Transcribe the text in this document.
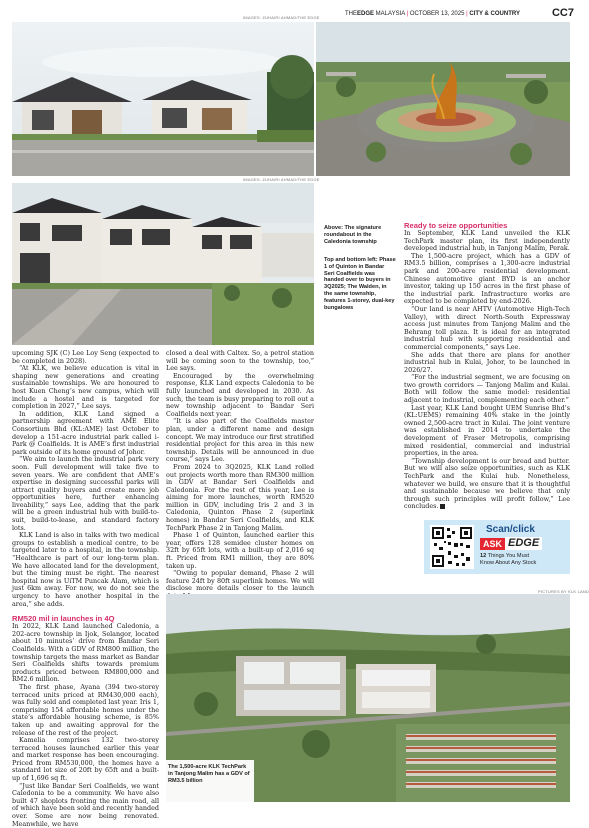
THEEDGE MALAYSIA | OCTOBER 13, 2025 | CITY & COUNTRY	CC7
IMAGES: ZUHAIRI AHMAD/THE EDGE
IMAGES: ZUHAIRI AHMAD/THE EDGE
Above: The signature roundabout in the Caledonia township
Top and bottom left: Phase 1 of Quinton in Bandar Seri Coalfields was handed over to buyers in 3Q2025; The Walden, in the same township, features 1-storey, dual-key bungalows

upcoming SJK (C) Lee Loy Seng (expected to be completed in 2028).

“At KLK, we believe education is vital in shaping new generations and creating sustainable townships. We are honoured to host Kuen Cheng’s new campus, which will include a hostel and is targeted for completion in 2027,” Lee says.

In addition, KLK Land signed a partnership agreement with AME Elite Consortium Bhd (KL:AME) last October to develop a 151-acre industrial park called i-Park @ Coalfields. It is AME’s first industrial park outside of its home ground of Johor.

“We aim to launch the industrial park very soon. Full development will take five to seven years. We are confident that AME’s expertise in designing successful parks will attract quality buyers and create more job opportunities here, further enhancing liveability,” says Lee, adding that the park will be a green industrial hub with build-to-suit, build-to-lease, and standard factory lots.

KLK Land is also in talks with two medical groups to establish a medical centre, to be targeted later to a hospital, in the township. “Healthcare is part of our long-term plan. We have allocated land for the development, but the timing must be right. The nearest hospital now is UiTM Puncak Alam, which is just 6km away. For now, we do not see the urgency to have another hospital in the area,” she adds.

RM520 mil in launches in 4Q

In 2022, KLK Land launched Caledonia, a 202-acre township in Ijok, Selangor, located about 10 minutes’ drive from Bandar Seri Coalfields. With a GDV of RM800 million, the township targets the mass market as Bandar Seri Coalfields shifts towards premium products priced between RM800,000 and RM2.6 million.

The first phase, Ayana (394 two-storey terraced units priced at RM430,000 each), was fully sold and completed last year. Iris 1, comprising 154 affordable homes under the state’s affordable housing scheme, is 85% taken up and awaiting approval for the release of the rest of the project.

Kamelia comprises 132 two-storey terraced houses launched earlier this year and market response has been encouraging. Priced from RM530,000, the homes have a standard lot size of 20ft by 65ft and a built-up of 1,696 sq ft.

“Just like Bandar Seri Coalfields, we want Caledonia to be a community. We have also built 47 shoplots fronting the main road, all of which have been sold and recently handed over. Some are now being renovated. Meanwhile, we have

closed a deal with Caltex. So, a petrol station will be coming soon to the township, too,” Lee says.

Encouraged by the overwhelming response, KLK Land expects Caledonia to be fully launched and developed in 2030. As such, the team is busy preparing to roll out a new township adjacent to Bandar Seri Coalfields next year.

“It is also part of the Coalfields master plan, under a different name and design concept. We may introduce our first stratified residential project for this area in this new township. Details will be announced in due course,” says Lee.

From 2024 to 3Q2025, KLK Land rolled out projects worth more than RM300 million in GDV at Bandar Seri Coalfields and Caledonia. For the rest of this year, Lee is aiming for more launches, worth RM520 million in GDV, including Iris 2 and 3 in Caledonia, Quinton Phase 2 (superlink homes) in Bandar Seri Coalfields, and KLK TechPark Phase 2 in Tanjong Malim.

Phase 1 of Quinton, launched earlier this year, offers 128 semidee cluster homes on 32ft by 65ft lots, with a built-up of 2,016 sq ft. Priced from RM1 million, they are 80% taken up.

“Owing to popular demand, Phase 2 will feature 24ft by 80ft superlink homes. We will disclose more details closer to the launch

Ready to seize opportunities

In September, KLK Land unveiled the KLK TechPark master plan, its first independently developed industrial hub, in Tanjong Malim, Perak.

The 1,500-acre project, which has a GDV of RM3.5 billion, comprises a 1,300-acre industrial park and 200-acre residential development. Chinese automotive giant BYD is an anchor investor, taking up 150 acres in the first phase of the industrial park. Infrastructure works are expected to be completed by end-2026.

“Our land is near AHTV (Automotive High-Tech Valley), with direct North-South Expressway access just minutes from Tanjong Malim and the Behrang toll plaza. It is ideal for an integrated industrial hub with supporting residential and commercial components,” says Lee.

She adds that there are plans for another industrial hub in Kulai, Johor, to be launched in 2026/27.

“For the industrial segment, we are focusing on two growth corridors — Tanjong Malim and Kulai. Both will follow the same model: residential adjacent to industrial, complementing each other.”

Last year, KLK Land bought UEM Sunrise Bhd’s (KL:UEMS) remaining 40% stake in the jointly owned 2,500-acre tract in Kulai. The joint venture was established in 2014 to undertake the development of Fraser Metropolis, comprising mixed residential, commercial and industrial properties, in the area.

“Township development is our bread and butter. But we will also seize opportunities, such as KLK TechPark and the Kulai hub. Nonetheless, whatever we build, we ensure that it is thoughtful and sustainable because we believe that only through such principles will profit follow,” Lee concludes.

Scan/click
ASK EDGE
12 Things You Must
Know About Any Stock
PICTURES BY KLK LAND
The 1,500-acre KLK TechPark in Tanjong Malim has a GDV of RM3.5 billion
